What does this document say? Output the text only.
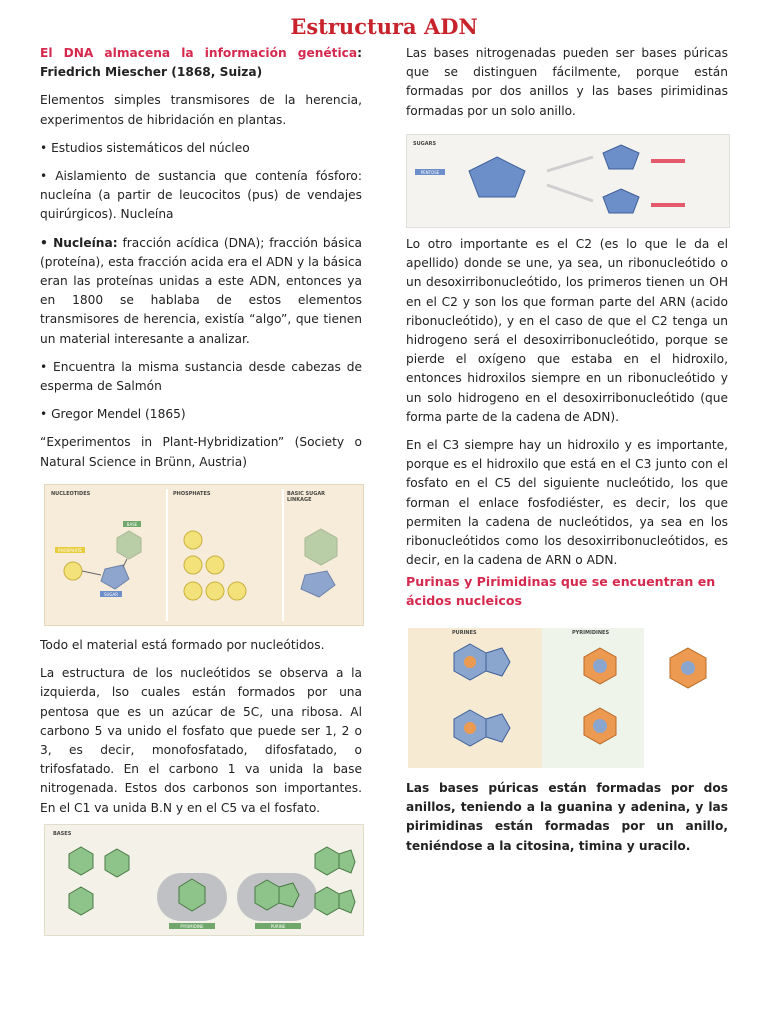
Estructura ADN

El DNA almacena la información genética: Friedrich Miescher (1868, Suiza)

Elementos simples transmisores de la herencia, experimentos de hibridación en plantas.

• Estudios sistemáticos del núcleo

• Aislamiento de sustancia que contenía fósforo: nucleína (a partir de leucocitos (pus) de vendajes quirúrgicos). Nucleína

• Nucleína: fracción acídica (DNA); fracción básica (proteína), esta fracción acida era el ADN y la básica eran las proteínas unidas a este ADN, entonces ya en 1800 se hablaba de estos elementos transmisores de herencia, existía “algo”, que tienen un material interesante a analizar.

• Encuentra la misma sustancia desde cabezas de esperma de Salmón

• Gregor Mendel (1865)

“Experimentos in Plant-Hybridization” (Society o Natural Science in Brünn, Austria)

Todo el material está formado por nucleótidos.

La estructura de los nucleótidos se observa a la izquierda, lso cuales están formados por una pentosa que es un azúcar de 5C, una ribosa. Al carbono 5 va unido el fosfato que puede ser 1, 2 o 3, es decir, monofosfatado, difosfatado, o trifosfatado. En el carbono 1 va unida la base nitrogenada. Estos dos carbonos son importantes. En el C1 va unida B.N y en el C5 va el fosfato.

Las bases nitrogenadas pueden ser bases púricas que se distinguen fácilmente, porque están formadas por dos anillos y las bases pirimidinas formadas por un solo anillo.

Lo otro importante es el C2 (es lo que le da el apellido) donde se une, ya sea, un ribonucleótido o un desoxirribonucleótido, los primeros tienen un OH en el C2 y son los que forman parte del ARN (acido ribonucleótido), y en el caso de que el C2 tenga un hidrogeno será el desoxirribonucleótido, porque se pierde el oxígeno que estaba en el hidroxilo, entonces hidroxilos siempre en un ribonucleótido y un solo hidrogeno en el desoxirribonucleótido (que forma parte de la cadena de ADN).

En el C3 siempre hay un hidroxilo y es importante, porque es el hidroxilo que está en el C3 junto con el fosfato en el C5 del siguiente nucleótido, los que forman el enlace fosfodiéster, es decir, los que permiten la cadena de nucleótidos, ya sea en los ribonucleótidos como los desoxirribonucleótidos, es decir, en la cadena de ARN o ADN.

Purinas y Pirimidinas que se encuentran en ácidos nucleicos

Las bases púricas están formadas por dos anillos, teniendo a la guanina y adenina, y las pirimidinas están formadas por un anillo, teniéndose a la citosina, timina y uracilo.

NUCLEOTIDES	PHOSPHATES	BASIC SUGAR LINKAGE
BASE
SUGAR
PHOSPHATE
BASES
PYRIMIDINE	PURINE
SUGARS
PENTOSE
PURINES	PYRIMIDINES
